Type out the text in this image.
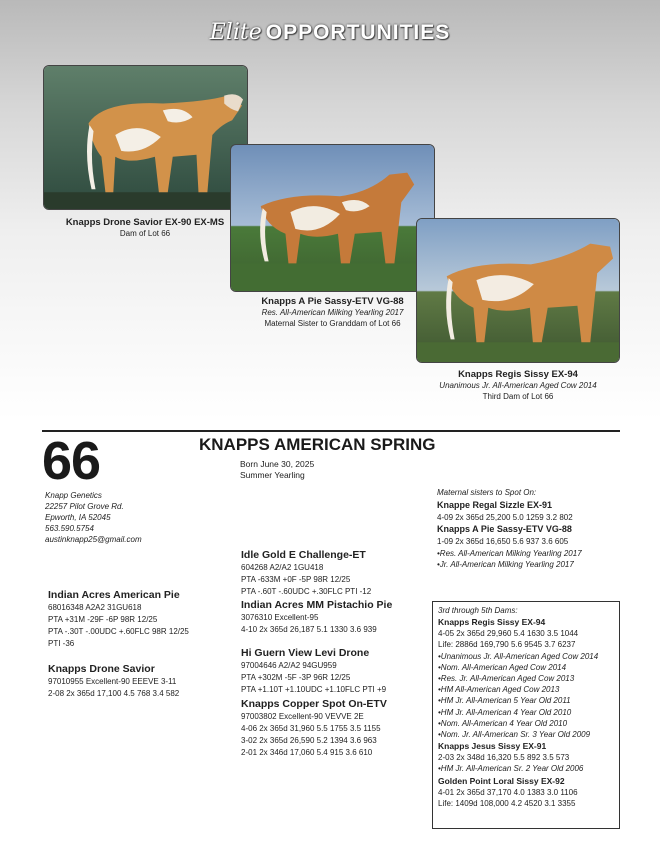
Elite OPPORTUNITIES
Knapps Drone Savior EX-90 EX-MS
Dam of Lot 66
Knapps A Pie Sassy-ETV VG-88
Res. All-American Milking Yearling 2017
Maternal Sister to Granddam of Lot 66
Knapps Regis Sissy EX-94
Unanimous Jr. All-American Aged Cow 2014
Third Dam of Lot 66
66	KNAPPS AMERICAN SPRING
Born June 30, 2025
Summer Yearling
Knapp Genetics
22257 Pilot Grove Rd.
Epworth, IA 52045
563.590.5754
austinknapp25@gmail.com
Maternal sisters to Spot On:
Knappe Regal Sizzle EX-91
4-09 2x 365d 25,200 5.0 1259 3.2 802
Knapps A Pie Sassy-ETV VG-88
1-09 2x 365d 16,650 5.6 937 3.6 605
•Res. All-American Milking Yearling 2017
•Jr. All-American Milking Yearling 2017
Idle Gold E Challenge-ET
604268 A2/A2 1GU418
PTA -633M +0F -5P 98R 12/25
PTA -.60T -.60UDC +.30FLC PTI -12
Indian Acres MM Pistachio Pie
3076310 Excellent-95
4-10 2x 365d 26,187 5.1 1330 3.6 939
Indian Acres American Pie
68016348 A2A2 31GU618
PTA +31M -29F -6P 98R 12/25
PTA -.30T -.00UDC +.60FLC 98R 12/25
PTI -36
Knapps Drone Savior
97010955 Excellent-90 EEEVE 3-11
2-08 2x 365d 17,100 4.5 768 3.4 582
Hi Guern View Levi Drone
97004646 A2/A2 94GU959
PTA +302M -5F -3P 96R 12/25
PTA +1.10T +1.10UDC +1.10FLC PTI +9
Knapps Copper Spot On-ETV
97003802 Excellent-90 VEVVE 2E
4-06 2x 365d 31,960 5.5 1755 3.5 1155
3-02 2x 365d 26,590 5.2 1394 3.6 963
2-01 2x 346d 17,060 5.4 915 3.6 610
3rd through 5th Dams:
Knapps Regis Sissy EX-94
4-05 2x 365d 29,960 5.4 1630 3.5 1044
Life: 2886d 169,790 5.6 9545 3.7 6237
•Unanimous Jr. All-American Aged Cow 2014
•Nom. All-American Aged Cow 2014
•Res. Jr. All-American Aged Cow 2013
•HM All-American Aged Cow 2013
•HM Jr. All-American 5 Year Old 2011
•HM Jr. All-American 4 Year Old 2010
•Nom. All-American 4 Year Old 2010
•Nom. Jr. All-American Sr. 3 Year Old 2009
Knapps Jesus Sissy EX-91
2-03 2x 348d 16,320 5.5 892 3.5 573
•HM Jr. All-American Sr. 2 Year Old 2006
Golden Point Loral Sissy EX-92
4-01 2x 365d 37,170 4.0 1383 3.0 1106
Life: 1409d 108,000 4.2 4520 3.1 3355
